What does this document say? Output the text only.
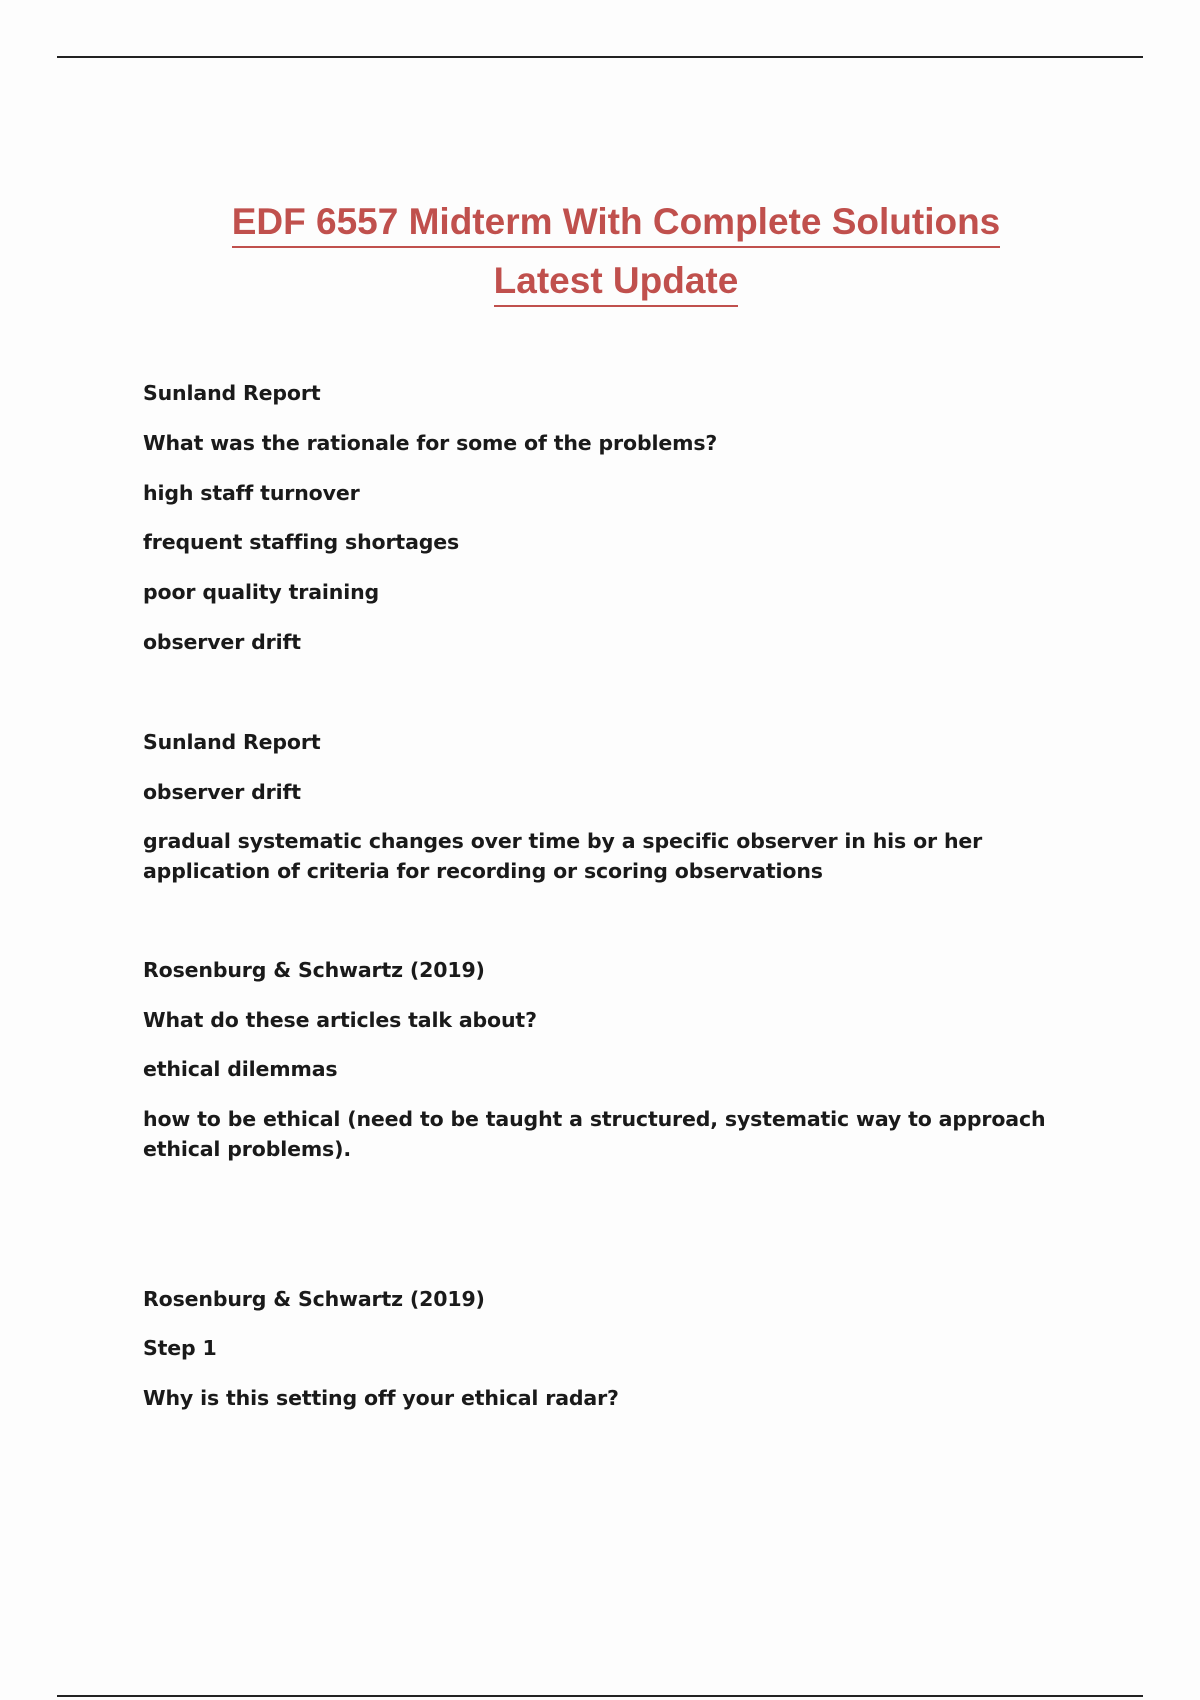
EDF 6557 Midterm With Complete Solutions
Latest Update
Sunland Report
What was the rationale for some of the problems?
high staff turnover
frequent staffing shortages
poor quality training
observer drift
Sunland Report
observer drift
gradual systematic changes over time by a specific observer in his or her application of criteria for recording or scoring observations
Rosenburg & Schwartz (2019)
What do these articles talk about?
ethical dilemmas
how to be ethical (need to be taught a structured, systematic way to approach ethical problems).
Rosenburg & Schwartz (2019)
Step 1
Why is this setting off your ethical radar?
